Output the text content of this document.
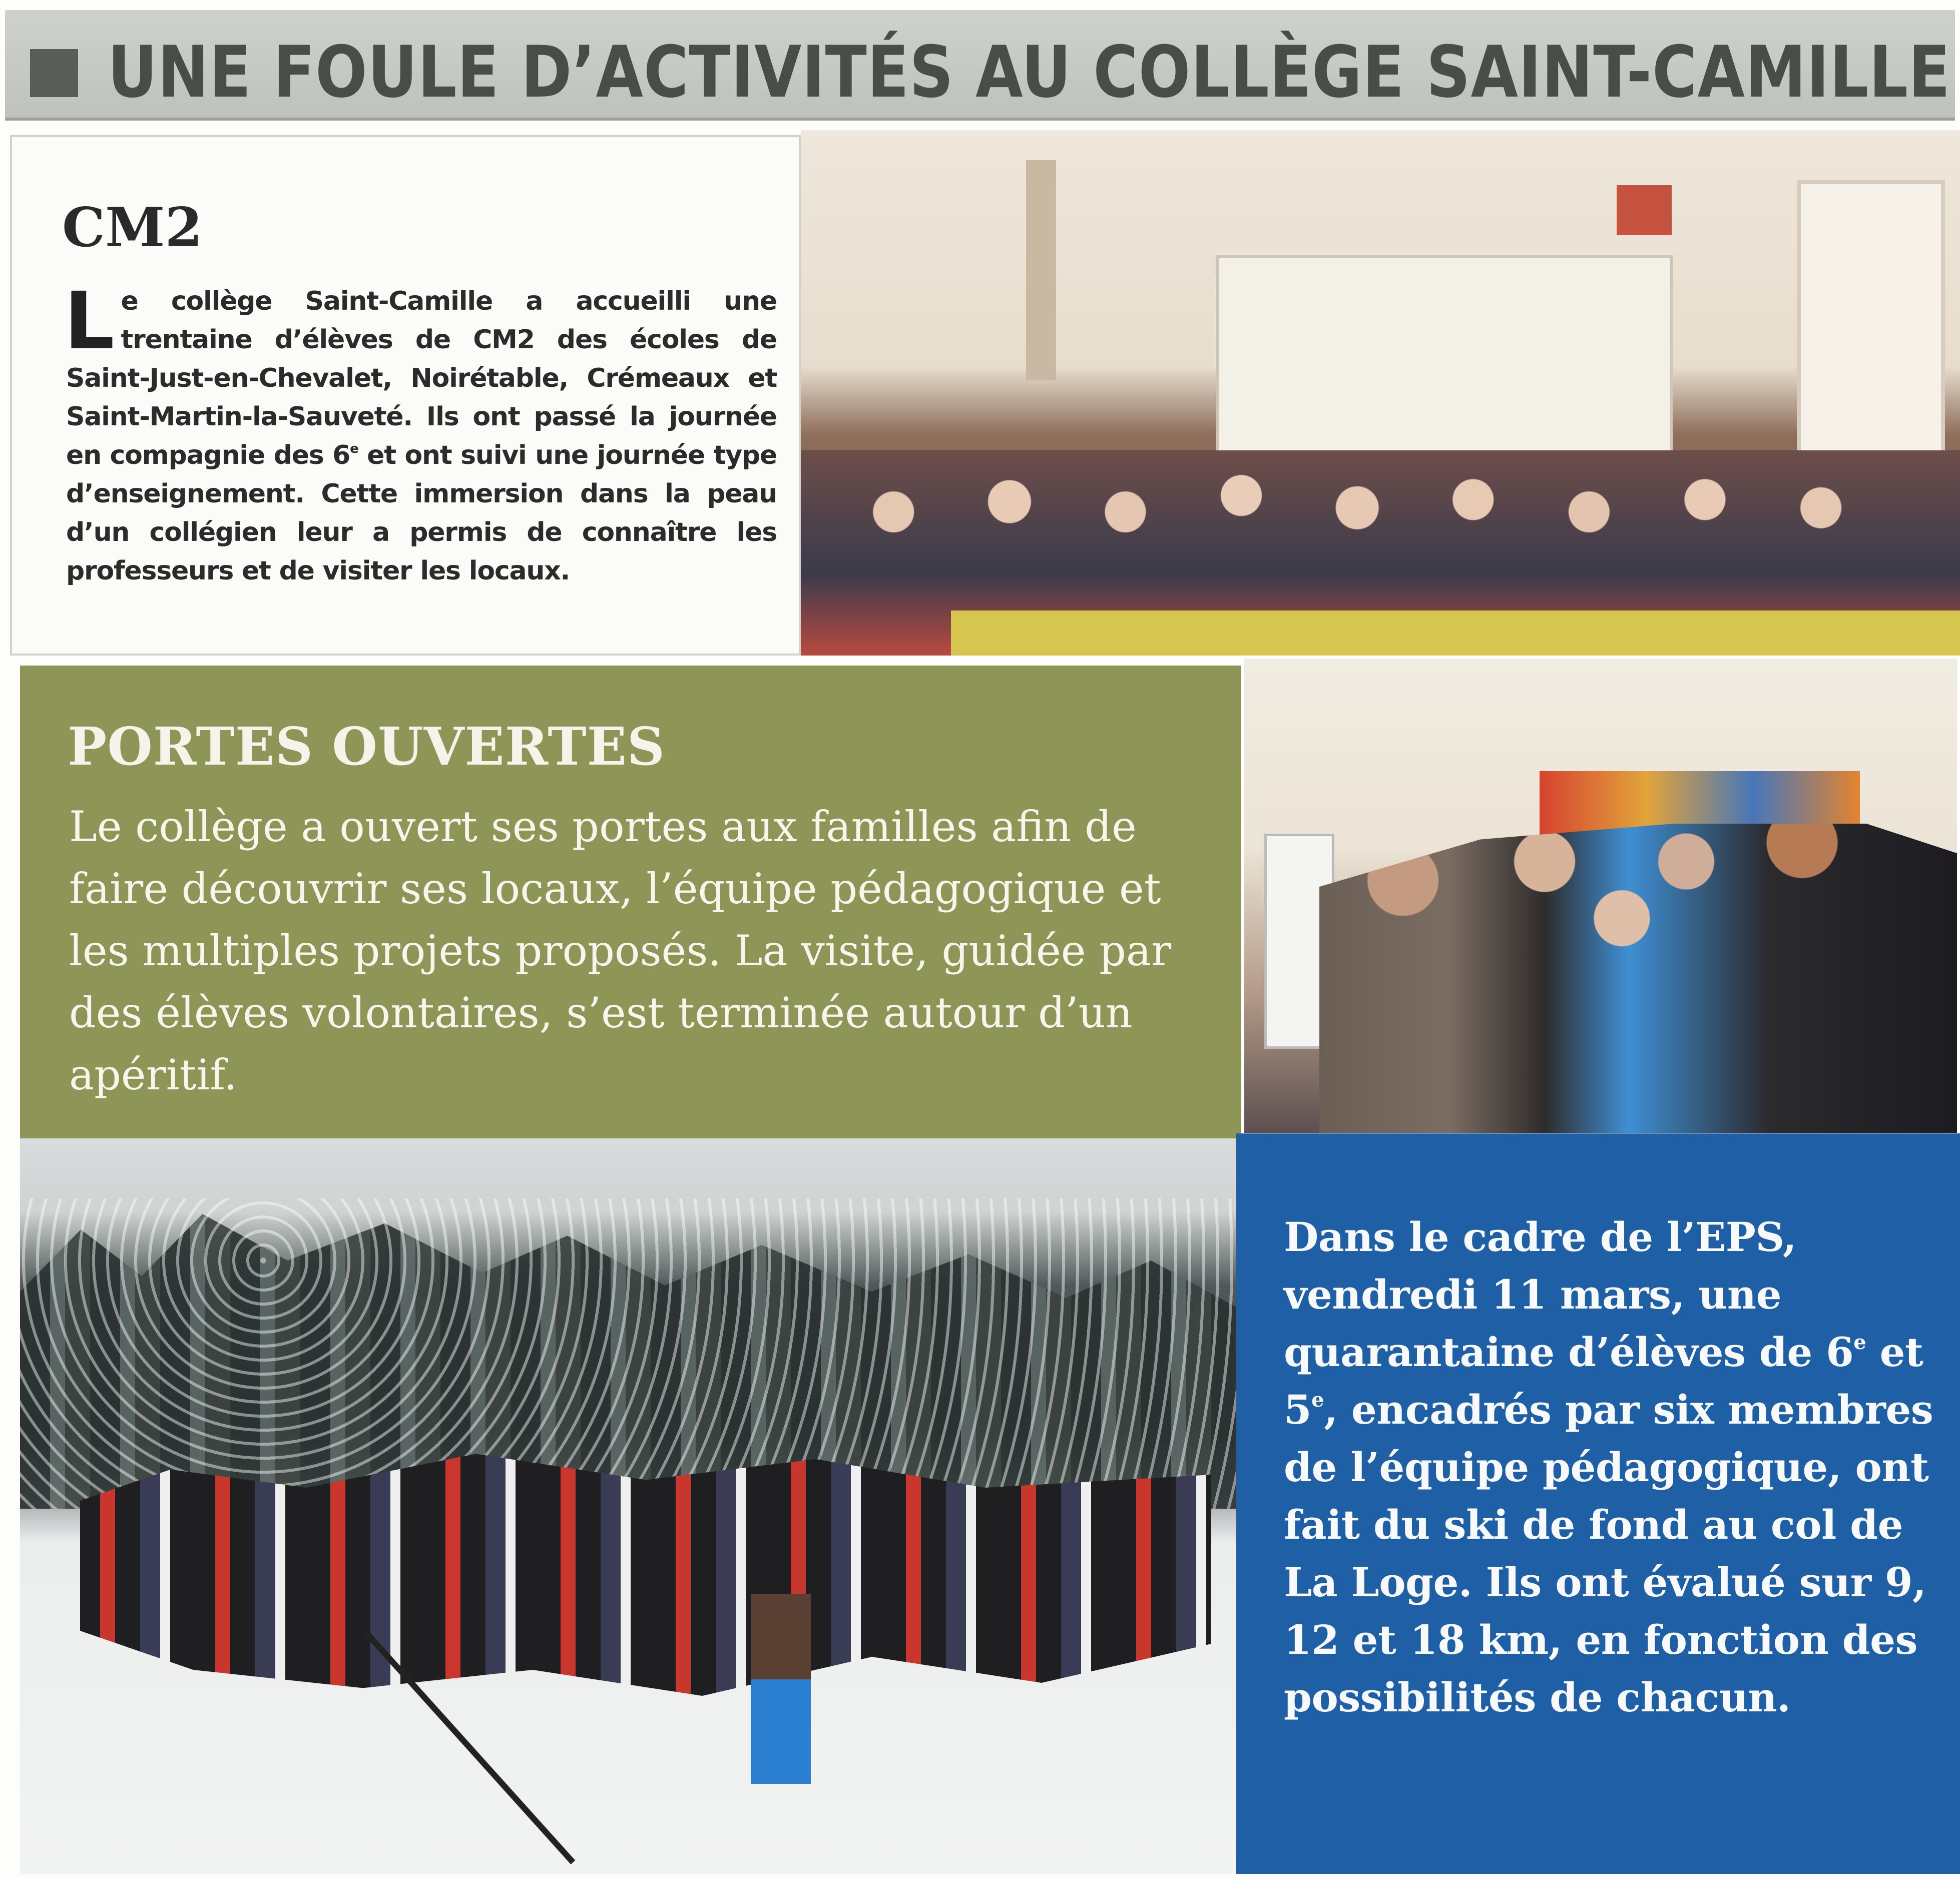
UNE FOULE D’ACTIVITÉS AU COLLÈGE SAINT-CAMILLE
CM2
Le collège Saint-Camille a accueilli une trentaine d’élèves de CM2 des écoles de Saint-Just-en-Chevalet, Noirétable, Crémeaux et Saint-Martin-la-Sauveté. Ils ont passé la journée en compagnie des 6e et ont suivi une journée type d’enseignement. Cette immersion dans la peau d’un collégien leur a permis de connaître les professeurs et de visiter les locaux.
PORTES OUVERTES
Le collège a ouvert ses portes aux familles afin de faire découvrir ses locaux, l’équipe pédagogique et les multiples projets proposés. La visite, guidée par des élèves volontaires, s’est terminée autour d’un apéritif.
Dans le cadre de l’EPS, vendredi 11 mars, une quarantaine d’élèves de 6e et 5e, encadrés par six membres de l’équipe pédagogique, ont fait du ski de fond au col de La Loge. Ils ont évalué sur 9, 12 et 18 km, en fonction des possibilités de chacun.
